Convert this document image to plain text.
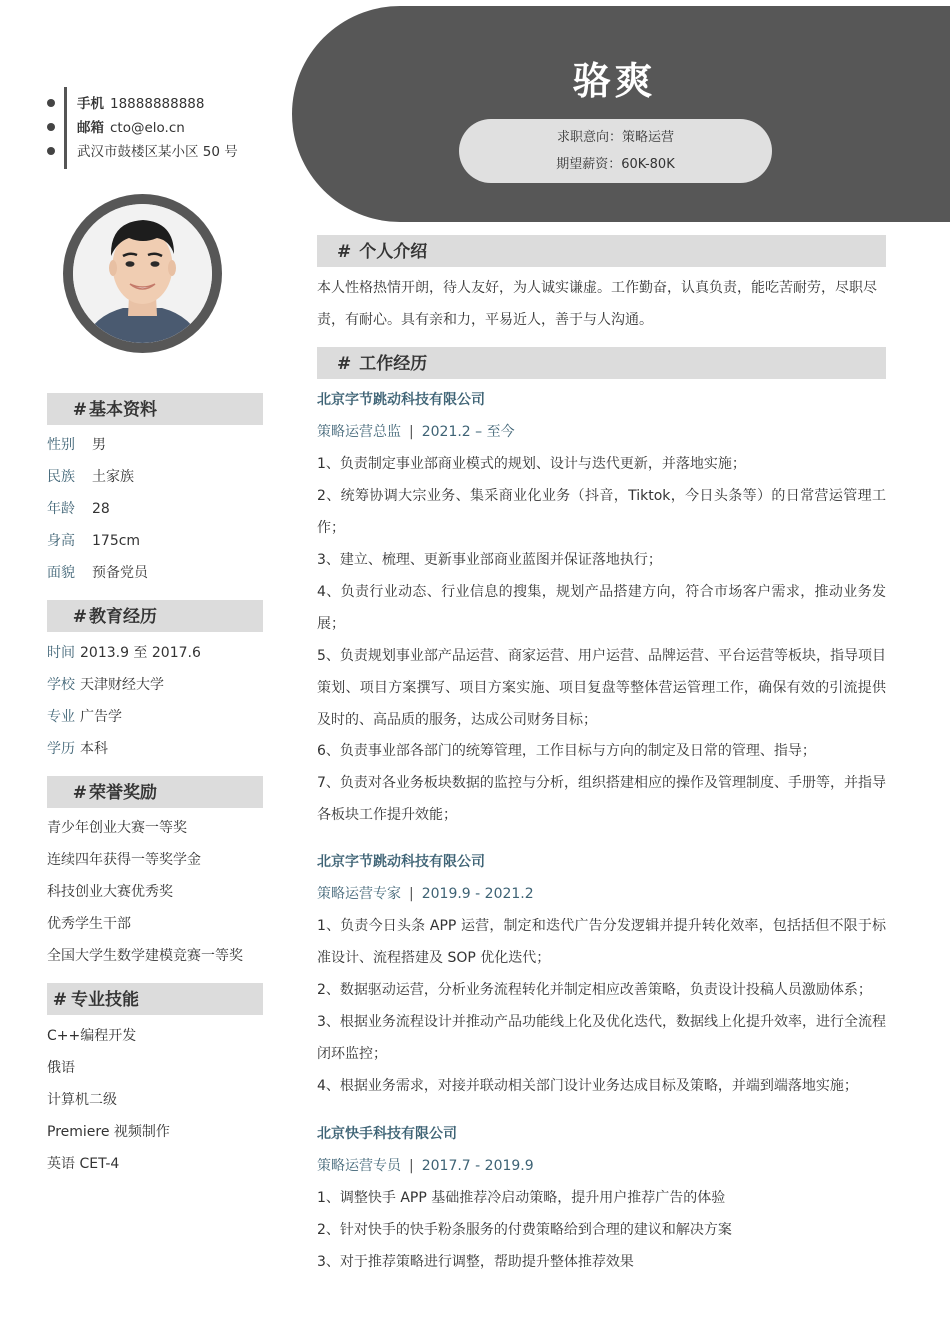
骆爽
求职意向：策略运营
期望薪资：60K-80K
手机 18888888888
邮箱 cto@elo.cn
武汉市鼓楼区某小区 50 号
# 基本资料
性别 男
民族 土家族
年龄 28
身高 175cm
面貌 预备党员
# 教育经历
时间 2013.9 至 2017.6
学校 天津财经大学
专业 广告学
学历 本科
# 荣誉奖励
青少年创业大赛一等奖
连续四年获得一等奖学金
科技创业大赛优秀奖
优秀学生干部
全国大学生数学建模竞赛一等奖
# 专业技能
C++编程开发
俄语
计算机二级
Premiere 视频制作
英语 CET-4
# 个人介绍
本人性格热情开朗，待人友好，为人诚实谦虚。工作勤奋，认真负责，能吃苦耐劳，尽职尽责，有耐心。具有亲和力，平易近人，善于与人沟通。
# 工作经历
北京字节跳动科技有限公司
策略运营总监 | 2021.2 – 至今
1、负责制定事业部商业模式的规划、设计与迭代更新，并落地实施；
2、统筹协调大宗业务、集采商业化业务（抖音，Tiktok，今日头条等）的日常营运管理工作；
3、建立、梳理、更新事业部商业蓝图并保证落地执行；
4、负责行业动态、行业信息的搜集，规划产品搭建方向，符合市场客户需求，推动业务发展；
5、负责规划事业部产品运营、商家运营、用户运营、品牌运营、平台运营等板块，指导项目策划、项目方案撰写、项目方案实施、项目复盘等整体营运管理工作，确保有效的引流提供及时的、高品质的服务，达成公司财务目标；
6、负责事业部各部门的统筹管理，工作目标与方向的制定及日常的管理、指导；
7、负责对各业务板块数据的监控与分析，组织搭建相应的操作及管理制度、手册等，并指导各板块工作提升效能；
北京字节跳动科技有限公司
策略运营专家 | 2019.9 - 2021.2
1、负责今日头条 APP 运营，制定和迭代广告分发逻辑并提升转化效率，包括括但不限于标准设计、流程搭建及 SOP 优化迭代；
2、数据驱动运营，分析业务流程转化并制定相应改善策略，负责设计投稿人员激励体系；
3、根据业务流程设计并推动产品功能线上化及优化迭代，数据线上化提升效率，进行全流程闭环监控；
4、根据业务需求，对接并联动相关部门设计业务达成目标及策略，并端到端落地实施；
北京快手科技有限公司
策略运营专员 | 2017.7 - 2019.9
1、调整快手 APP 基础推荐冷启动策略，提升用户推荐广告的体验
2、针对快手的快手粉条服务的付费策略给到合理的建议和解决方案
3、对于推荐策略进行调整，帮助提升整体推荐效果
